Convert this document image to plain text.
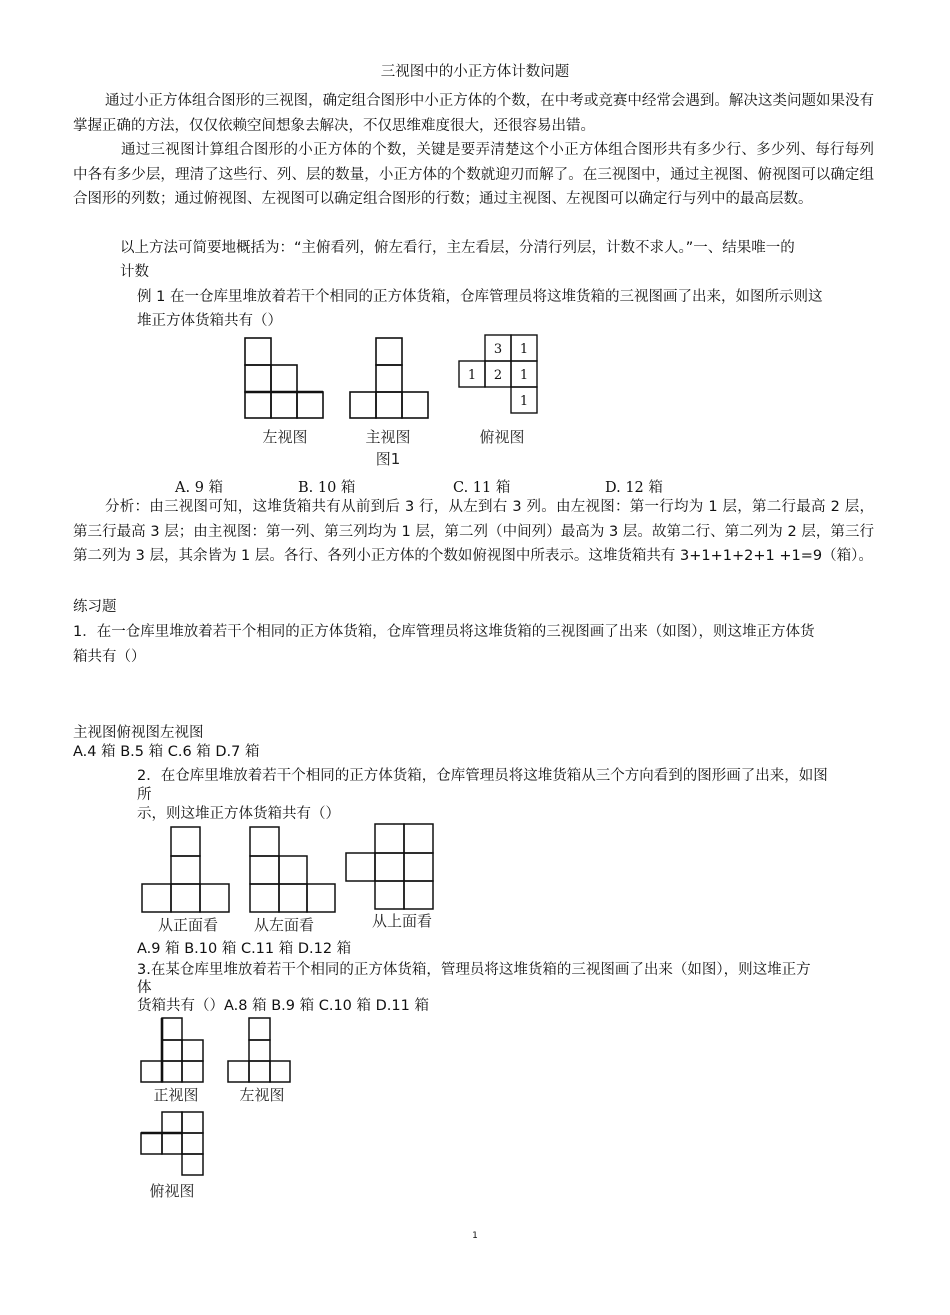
三视图中的小正方体计数问题

通过小正方体组合图形的三视图，确定组合图形中小正方体的个数，在中考或竞赛中经常会遇到。解决这类问题如果没有掌握正确的方法，仅仅依赖空间想象去解决，不仅思维难度很大，还很容易出错。

通过三视图计算组合图形的小正方体的个数，关键是要弄清楚这个小正方体组合图形共有多少行、多少列、每行每列中各有多少层，理清了这些行、列、层的数量，小正方体的个数就迎刃而解了。在三视图中，通过主视图、俯视图可以确定组合图形的列数；通过俯视图、左视图可以确定组合图形的行数；通过主视图、左视图可以确定行与列中的最高层数。

以上方法可简要地概括为：“主俯看列，俯左看行，主左看层，分清行列层，计数不求人。”一、结果唯一的
计数
例 1 在一仓库里堆放着若干个相同的正方体货箱，仓库管理员将这堆货箱的三视图画了出来，如图所示则这
堆正方体货箱共有（）
3 1
1 2 1
1
左视图	主视图	俯视图
图1
A. 9 箱	B. 10 箱	C. 11 箱	D. 12 箱

分析：由三视图可知，这堆货箱共有从前到后 3 行，从左到右 3 列。由左视图：第一行均为 1 层，第二行最高 2 层，第三行最高 3 层；由主视图：第一列、第三列均为 1 层，第二列（中间列）最高为 3 层。故第二行、第二列为 2 层，第三行第二列为 3 层，其余皆为 1 层。各行、各列小正方体的个数如俯视图中所表示。这堆货箱共有 3+1+1+2+1 +1=9（箱）。

练习题
1．在一仓库里堆放着若干个相同的正方体货箱，仓库管理员将这堆货箱的三视图画了出来（如图），则这堆正方体货
箱共有（）
主视图俯视图左视图
A.4 箱 B.5 箱 C.6 箱 D.7 箱
2．在仓库里堆放着若干个相同的正方体货箱，仓库管理员将这堆货箱从三个方向看到的图形画了出来，如图
所
示，则这堆正方体货箱共有（）
从正面看 从左面看	从上面看
A.9 箱 B.10 箱 C.11 箱 D.12 箱
3.在某仓库里堆放着若干个相同的正方体货箱，管理员将这堆货箱的三视图画了出来（如图），则这堆正方
体
货箱共有（）A.8 箱 B.9 箱 C.10 箱 D.11 箱
正视图	左视图
俯视图
1
